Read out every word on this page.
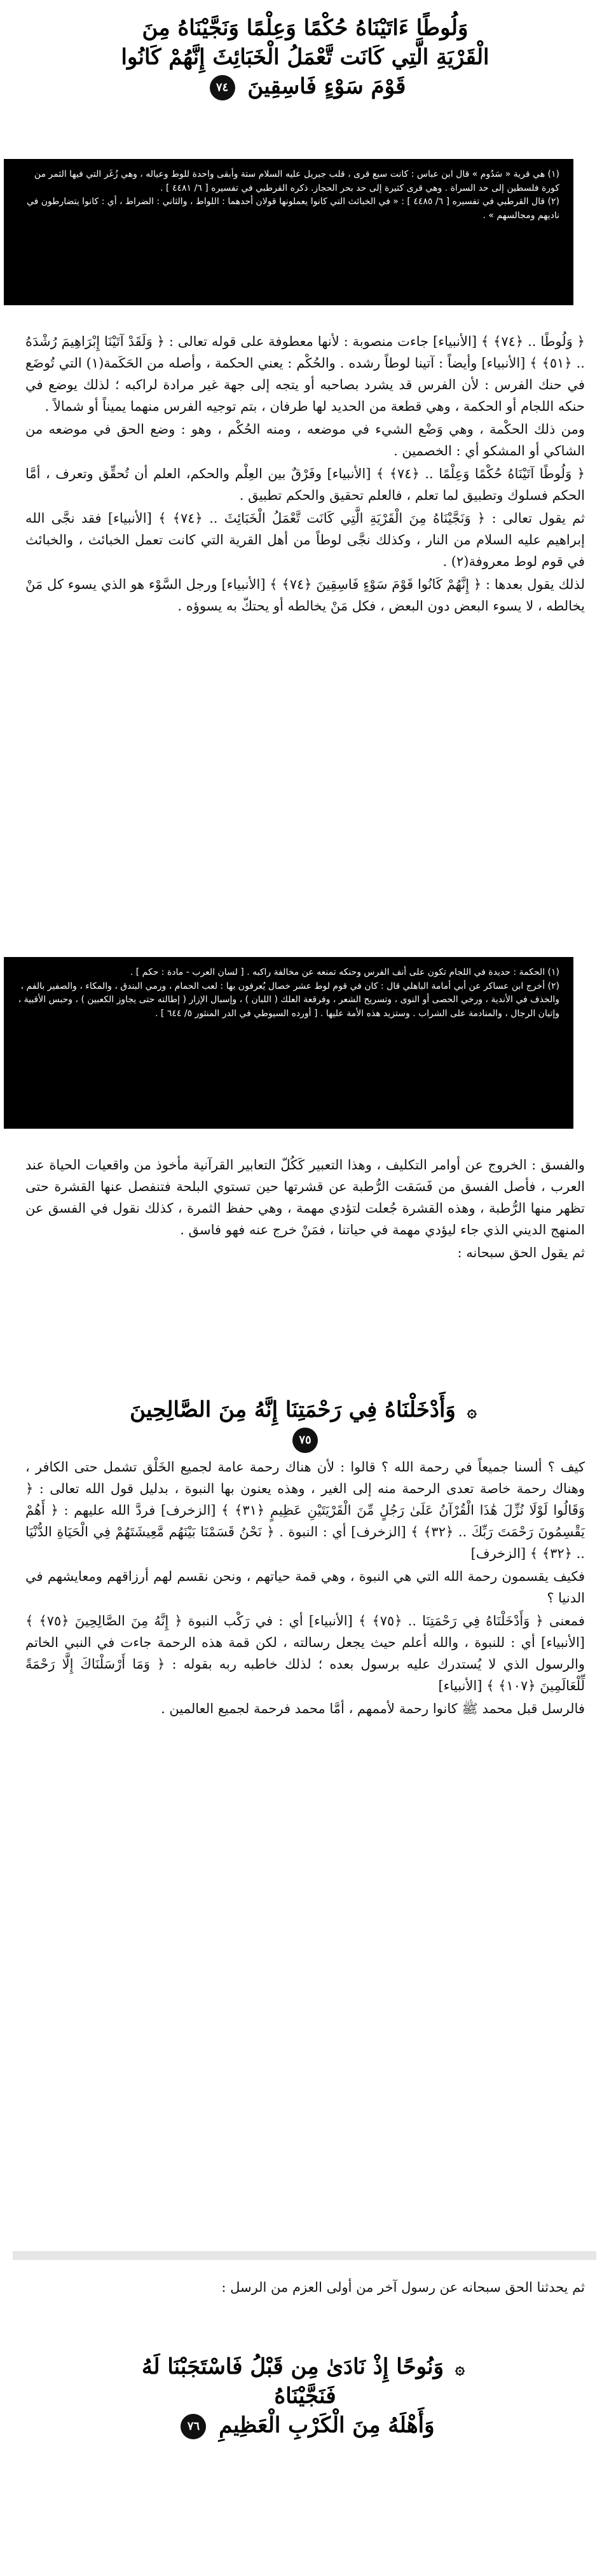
وَلُوطًا ءَاتَيْنَاهُ حُكْمًا وَعِلْمًا وَنَجَّيْنَاهُ مِنَ
الْقَرْيَةِ الَّتِي كَانَت تَّعْمَلُ الْخَبَائِثَ إِنَّهُمْ كَانُوا
قَوْمَ سَوْءٍ فَاسِقِينَ ٧٤

(١) هي قرية « سَدُوم » قال ابن عباس : كانت سبع قرى ، قلب جبريل عليه السلام ستة وأبقى واحدة للوط وعياله ، وهي زُغَر التي فيها الثمر من كورة فلسطين إلى حد السراة . وهي قرى كثيرة إلى حد بحر الحجاز. ذكره القرطبي في تفسيره [ ٦/ ٤٤٨١ ] .

(٢) قال القرطبي في تفسيره [ ٦/ ٤٤٨٥ ] : « في الخبائث التي كانوا يعملونها قولان أحدهما : اللواط ، والثاني : الضراط ، أي : كانوا يتضارطون في ناديهم ومجالسهم » .

﴿ وَلُوطًا .. ﴿٧٤﴾ ﴾ [الأنبياء] جاءت منصوبة : لأنها معطوفة على قوله تعالى : ﴿ وَلَقَدْ آتَيْنَا إِبْرَاهِيمَ رُشْدَهُ .. ﴿٥١﴾ ﴾ [الأنبياء] وأيضاً : آتينا لوطاً رشده . والحُكْم : يعني الحكمة ، وأصله من الحَكَمة(١) التي تُوضَع في حنك الفرس : لأن الفرس قد يشرد بصاحبه أو يتجه إلى جهة غير مرادة لراكبه ؛ لذلك يوضع في حنكه اللجام أو الحكمة ، وهي قطعة من الحديد لها طرفان ، بتم توجيه الفرس منهما يميناً أو شمالاً .

ومن ذلك الحكْمة ، وهي وَضْع الشيء في موضعه ، ومنه الحُكْم ، وهو : وضع الحق في موضعه من الشاكي أو المشكو أي : الخصمين .

﴿ وَلُوطًا آتَيْنَاهُ حُكْمًا وَعِلْمًا .. ﴿٧٤﴾ ﴾ [الأنبياء] وفَرْقٌ بين العِلْم والحكم، العلم أن تُحقِّق وتعرف ، أمَّا الحكم فسلوك وتطبيق لما تعلم ، فالعلم تحقيق والحكم تطبيق .

ثم يقول تعالى : ﴿ وَنَجَّيْنَاهُ مِنَ الْقَرْيَةِ الَّتِي كَانَت تَّعْمَلُ الْخَبَائِثَ .. ﴿٧٤﴾ ﴾ [الأنبياء] فقد نجَّى الله إبراهيم عليه السلام من النار ، وكذلك نجَّى لوطاً من أهل القرية التي كانت تعمل الخبائث ، والخبائث في قوم لوط معروفة(٢) .

لذلك يقول بعدها : ﴿ إِنَّهُمْ كَانُوا قَوْمَ سَوْءٍ فَاسِقِينَ ﴿٧٤﴾ ﴾ [الأنبياء] ورجل السَّوْء هو الذي يسوء كل مَنْ يخالطه ، لا يسوء البعض دون البعض ، فكل مَنْ يخالطه أو يحتكّ به يسوؤه .

(١) الحكمة : حديدة في اللجام تكون على أنف الفرس وحنكه تمنعه عن مخالفة راكبه . [ لسان العرب - مادة : حكم ] .

(٢) أخرج ابن عساكر عن أبي أمامة الباهلي قال : كان في قوم لوط عشر خصال يُعرفون بها : لعب الحمام ، ورمي البندق ، والمكاء ، والصفير بالفم ، والخذف في الأندية ، ورخي الحصى أو النوى ، وتسريح الشعر ، وفرقعة العلك ( اللبان ) ، وإسبال الإزار ( إطالته حتى يجاوز الكعبين ) ، وحبس الأقبية ، وإتيان الرجال ، والمنادمة على الشراب . وستزيد هذه الأمة عليها . [ أورده السيوطي في الدر المنثور ٥/ ٦٤٤ ] .

والفسق : الخروج عن أوامر التكليف ، وهذا التعبير كَكُلّ التعابير القرآنية مأخوذ من واقعيات الحياة عند العرب ، فأصل الفسق من فَسَقت الرُّطبة عن قشرتها حين تستوي البلحة فتنفصل عنها القشرة حتى تظهر منها الرُّطبة ، وهذه القشرة جُعلت لتؤدي مهمة ، وهي حفظ الثمرة ، كذلك نقول في الفسق عن المنهج الديني الذي جاء ليؤدي مهمة في حياتنا ، فمَنْ خرج عنه فهو فاسق .

ثم يقول الحق سبحانه :

۞ وَأَدْخَلْنَاهُ فِي رَحْمَتِنَا إِنَّهُ مِنَ الصَّالِحِينَ ٧٥

كيف ؟ ألسنا جميعاً في رحمة الله ؟ قالوا : لأن هناك رحمة عامة لجميع الخَلْق تشمل حتى الكافر ، وهناك رحمة خاصة تعدى الرحمة منه إلى الغير ، وهذه يعنون بها النبوة ، بدليل قول الله تعالى : ﴿ وَقَالُوا لَوْلَا نُزِّلَ هَٰذَا الْقُرْآنُ عَلَىٰ رَجُلٍ مِّنَ الْقَرْيَتَيْنِ عَظِيمٍ ﴿٣١﴾ ﴾ [الزخرف] فردَّ الله عليهم : ﴿ أَهُمْ يَقْسِمُونَ رَحْمَتَ رَبِّكَ .. ﴿٣٢﴾ ﴾ [الزخرف] أي : النبوة . ﴿ نَحْنُ قَسَمْنَا بَيْنَهُم مَّعِيشَتَهُمْ فِي الْحَيَاةِ الدُّنْيَا .. ﴿٣٢﴾ ﴾ [الزخرف]

فكيف يقسمون رحمة الله التي هي النبوة ، وهي قمة حياتهم ، ونحن نقسم لهم أرزاقهم ومعايشهم في الدنيا ؟

فمعنى ﴿ وَأَدْخَلْنَاهُ فِي رَحْمَتِنَا .. ﴿٧٥﴾ ﴾ [الأنبياء] أي : في رَكْب النبوة ﴿ إِنَّهُ مِنَ الصَّالِحِينَ ﴿٧٥﴾ ﴾ [الأنبياء] أي : للنبوة ، والله أعلم حيث يجعل رسالته ، لكن قمة هذه الرحمة جاءت في النبي الخاتم والرسول الذي لا يُستدرك عليه برسول بعده ؛ لذلك خاطبه ربه بقوله : ﴿ وَمَا أَرْسَلْنَاكَ إِلَّا رَحْمَةً لِّلْعَالَمِينَ ﴿١٠٧﴾ ﴾ [الأنبياء]

فالرسل قبل محمد ﷺ كانوا رحمة لأممهم ، أمَّا محمد فرحمة لجميع العالمين .

ثم يحدثنا الحق سبحانه عن رسول آخر من أولى العزم من الرسل :

۞ وَنُوحًا إِذْ نَادَىٰ مِن قَبْلُ فَاسْتَجَبْنَا لَهُ فَنَجَّيْنَاهُ
وَأَهْلَهُ مِنَ الْكَرْبِ الْعَظِيمِ ٧٦
